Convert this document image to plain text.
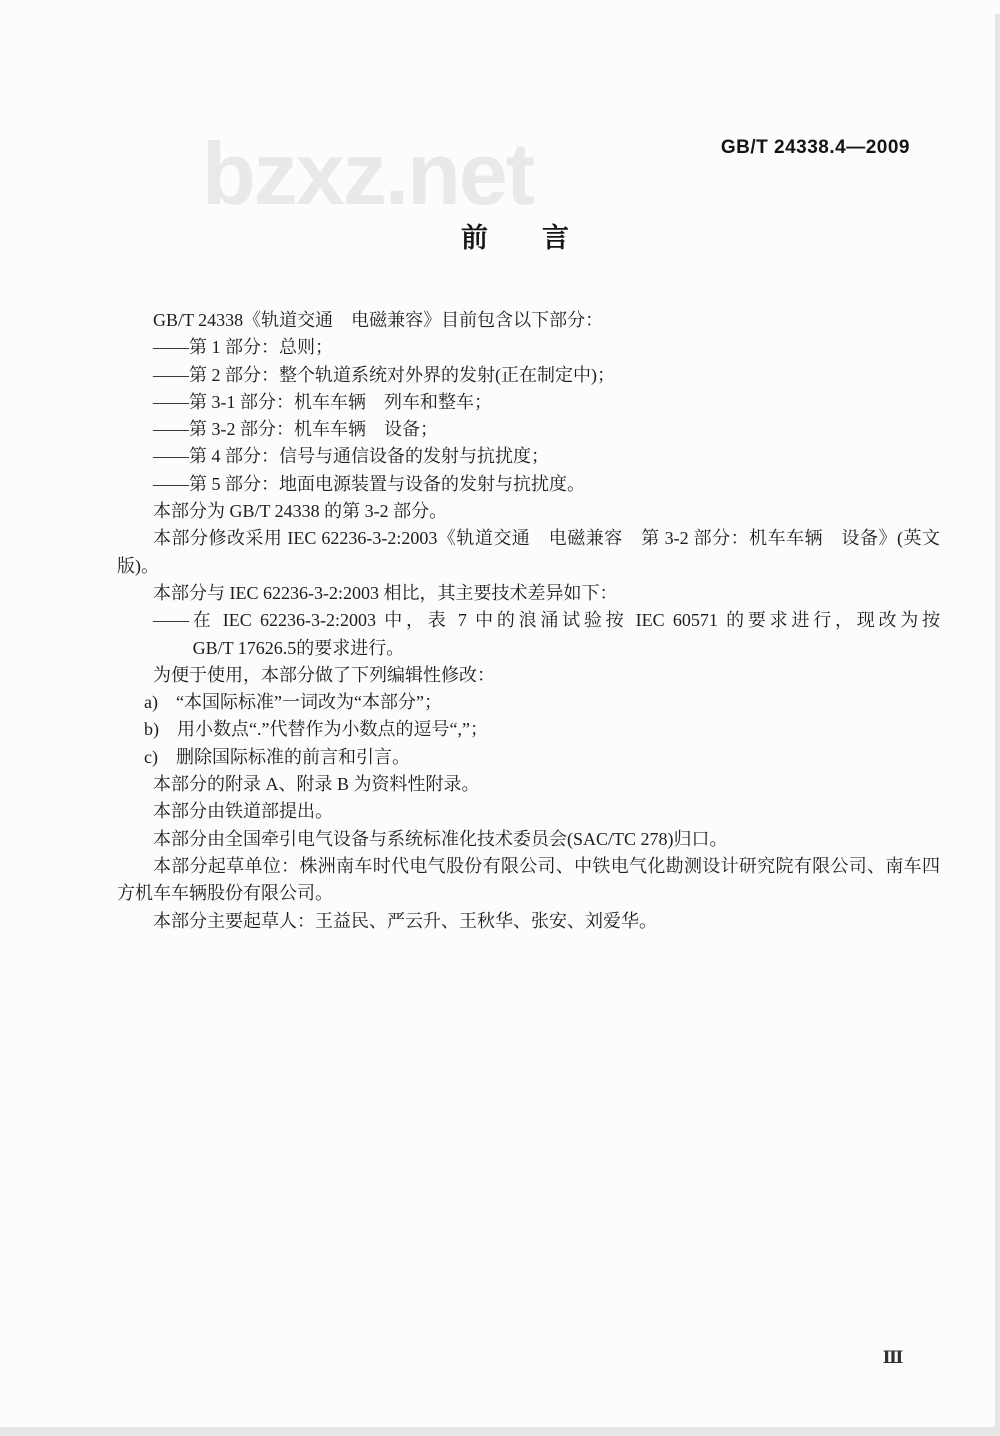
bzxz.net	GB/T 24338.4—2009
前　　言
GB/T 24338《轨道交通　电磁兼容》目前包含以下部分：
——第 1 部分：总则；
——第 2 部分：整个轨道系统对外界的发射(正在制定中)；
——第 3-1 部分：机车车辆　列车和整车；
——第 3-2 部分：机车车辆　设备；
——第 4 部分：信号与通信设备的发射与抗扰度；
——第 5 部分：地面电源装置与设备的发射与抗扰度。
本部分为 GB/T 24338 的第 3-2 部分。
本部分修改采用 IEC 62236-3-2:2003《轨道交通　电磁兼容　第 3-2 部分：机车车辆　设备》(英文
版)。
本部分与 IEC 62236-3-2:2003 相比，其主要技术差异如下：
——在 IEC 62236-3-2:2003 中，表 7 中的浪涌试验按 IEC 60571 的要求进行，现改为按
GB/T 17626.5的要求进行。
为便于使用，本部分做了下列编辑性修改：
a)　“本国际标准”一词改为“本部分”；
b)　用小数点“.”代替作为小数点的逗号“,”；
c)　删除国际标准的前言和引言。
本部分的附录 A、附录 B 为资料性附录。
本部分由铁道部提出。
本部分由全国牵引电气设备与系统标准化技术委员会(SAC/TC 278)归口。
本部分起草单位：株洲南车时代电气股份有限公司、中铁电气化勘测设计研究院有限公司、南车四
方机车车辆股份有限公司。
本部分主要起草人：王益民、严云升、王秋华、张安、刘爱华。
Ⅲ
